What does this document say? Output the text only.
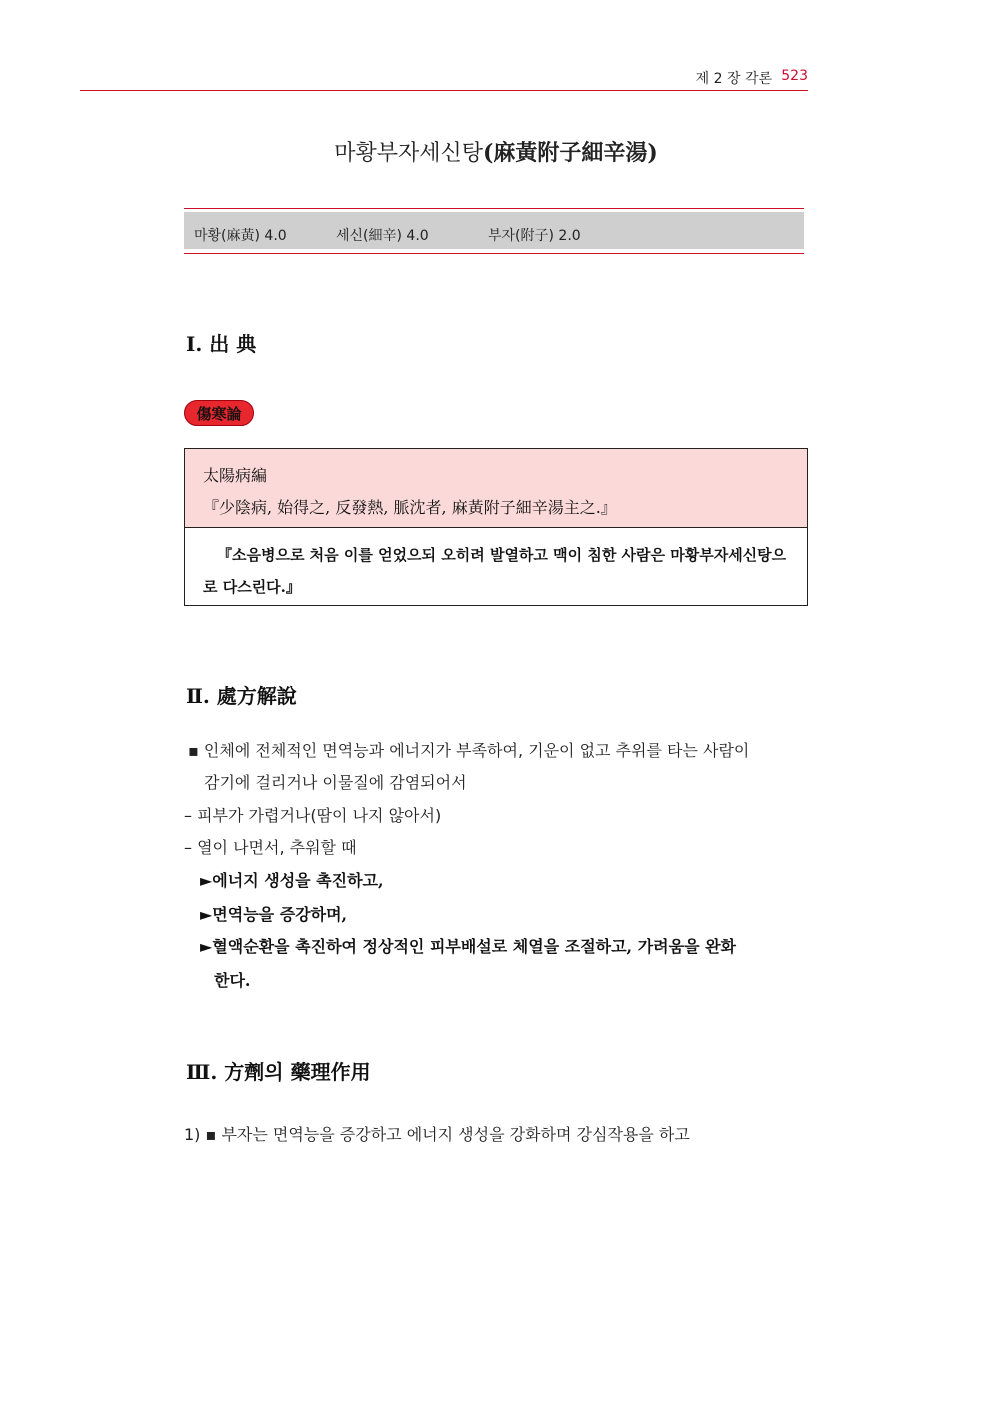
제 2 장 각론 523
마황부자세신탕(麻黃附子細辛湯)
마황(麻黃) 4.0	세신(細辛) 4.0	부자(附子) 2.0
Ⅰ. 出 典
傷寒論
太陽病編
『少陰病, 始得之, 反發熱, 脈沈者, 麻黃附子細辛湯主之.』
『소음병으로 처음 이를 얻었으되 오히려 발열하고 맥이 침한 사람은 마황부자세신탕으로 다스린다.』
Ⅱ. 處方解說
▪ 인체에 전체적인 면역능과 에너지가 부족하여, 기운이 없고 추위를 타는 사람이
감기에 걸리거나 이물질에 감염되어서
– 피부가 가렵거나(땀이 나지 않아서)
– 열이 나면서, 추워할 때
►에너지 생성을 촉진하고,
►면역능을 증강하며,
►혈액순환을 촉진하여 정상적인 피부배설로 체열을 조절하고, 가려움을 완화
한다.
Ⅲ. 方劑의 藥理作用
1) ▪ 부자는 면역능을 증강하고 에너지 생성을 강화하며 강심작용을 하고
